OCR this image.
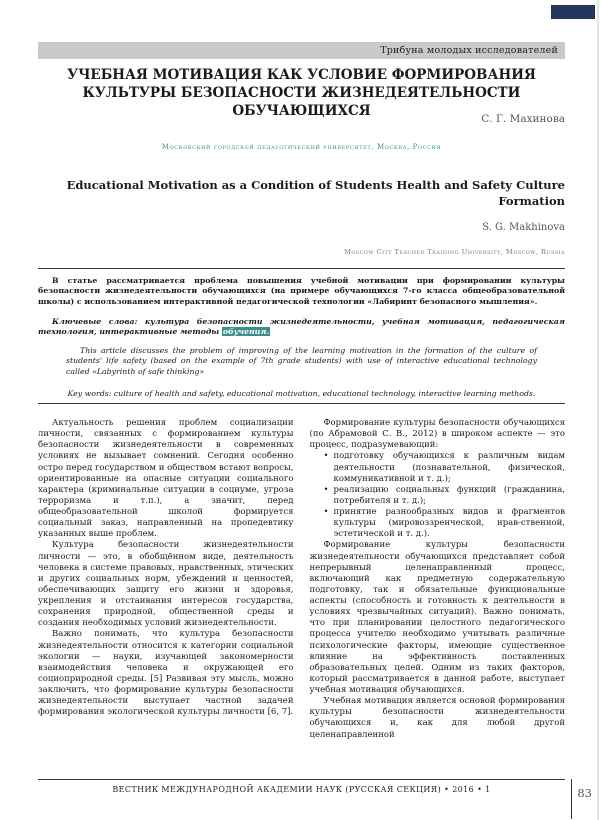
Трибуна молодых исследователей
УЧЕБНАЯ МОТИВАЦИЯ КАК УСЛОВИЕ ФОРМИРОВАНИЯ КУЛЬТУРЫ БЕЗОПАСНОСТИ ЖИЗНЕДЕЯТЕЛЬНОСТИ ОБУЧАЮЩИХСЯ	С. Г. Махинова
Московский городской педагогический университет, Москва, Россия
Educational Motivation as a Condition of Students Health and Safety Culture Formation
S. G. Makhinova
Moscow City Teacher Training University, Moscow, Russia
В статье рассматривается проблема повышения учебной мотивации при формировании культуры безопасности жизнедеятельности обучающихся (на примере обучающихся 7-го класса общеобразовательной школы) с использованием интерактивной педагогической технологии «Лабиринт безопасного мышления».
Ключевые слова: культура безопасности жизнедеятельности, учебная мотивация, педагогическая технология, интерактивные методы обучения.
This article discusses the problem of improving of the learning motivation in the formation of the culture of students' life safety (based on the example of 7th grade students) with use of interactive educational technology called «Labyrinth of safe thinking»
Key words: culture of health and safety, educational motivation, educational technology, interactive learning methods.

Актуальность решения проблем социализации личности, связанных с формированием культуры безопасности жизнедеятельности в современных условиях не вызывает сомнений. Сегодня особенно остро перед государством и обществом встают вопросы, ориентированные на опасные ситуации социального характера (криминальные ситуации в социуме, угроза терроризма и т.п.), а значит, перед общеобразовательной школой формируется социальный заказ, направленный на пропедевтику указанных выше проблем.

Культура безопасности жизнедеятельности личности — это, в обобщённом виде, деятельность человека в системе правовых, нравственных, этических и других социальных норм, убеждений и ценностей, обеспечивающих защиту его жизни и здоровья, укрепления и отстаивания интересов государства, сохранения природной, общественной среды и создания необходимых условий жизнедеятельности.

Важно понимать, что культура безопасности жизнедеятельности относится к категории социальной экологии — науки, изучающей закономерности взаимодействия человека и окружающей его социоприродной среды. [5] Развивая эту мысль, можно заключить, что формирование культуры безопасности жизнедеятельности выступает частной задачей формирования экологической культуры личности [6, 7].

Формирование культуры безопасности обучающихся (по Абрамовой С. В., 2012) в широком аспекте — это процесс, подразумевающий:

• подготовку обучающихся к различным видам деятельности (познавательной, физической, коммуникативной и т. д.);
• реализацию социальных функций (гражданина, потребителя и т. д.);
• принятие разнообразных видов и фрагментов культуры (мировоззренческой, нрав-ственной, эстетической и т. д.).

Формирование культуры безопасности жизнедеятельности обучающихся представляет собой непрерывный целенаправленный процесс, включающий как предметную содержательную подготовку, так и обязательные функциональные аспекты (способность и готовность к деятельности в условиях чрезвычайных ситуаций). Важно понимать, что при планировании целостного педагогического процесса учителю необходимо учитывать различные психологические факторы, имеющие существенное влияние на эффективность поставленных образовательных целей. Одним из таких факторов, который рассматривается в данной работе, выступает учебная мотивация обучающихся.

Учебная мотивация является основой формирования культуры безопасности жизнедеятельности обучающихся и, как для любой другой целенаправленной

ВЕСТНИК МЕЖДУНАРОДНОЙ АКАДЕМИИ НАУК (РУССКАЯ СЕКЦИЯ) • 2016 • 1	83
